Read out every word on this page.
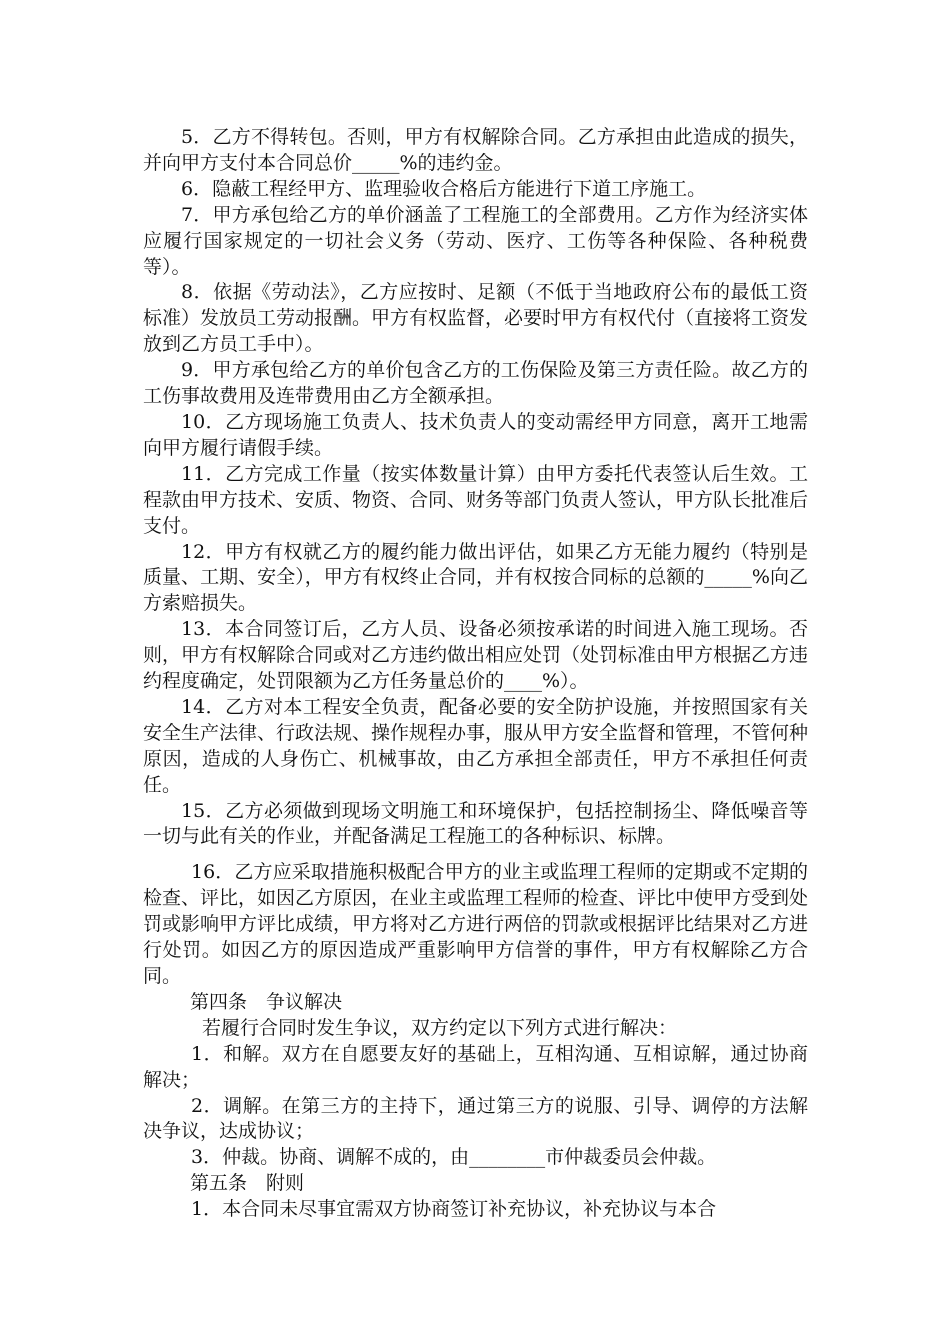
5．乙方不得转包。否则，甲方有权解除合同。乙方承担由此造成的损失，并向甲方支付本合同总价_____%的违约金。

6．隐蔽工程经甲方、监理验收合格后方能进行下道工序施工。

7．甲方承包给乙方的单价涵盖了工程施工的全部费用。乙方作为经济实体应履行国家规定的一切社会义务（劳动、医疗、工伤等各种保险、各种税费等）。

8．依据《劳动法》，乙方应按时、足额（不低于当地政府公布的最低工资标准）发放员工劳动报酬。甲方有权监督，必要时甲方有权代付（直接将工资发放到乙方员工手中）。

9．甲方承包给乙方的单价包含乙方的工伤保险及第三方责任险。故乙方的工伤事故费用及连带费用由乙方全额承担。

10．乙方现场施工负责人、技术负责人的变动需经甲方同意，离开工地需向甲方履行请假手续。

11．乙方完成工作量（按实体数量计算）由甲方委托代表签认后生效。工程款由甲方技术、安质、物资、合同、财务等部门负责人签认，甲方队长批准后支付。

12．甲方有权就乙方的履约能力做出评估，如果乙方无能力履约（特别是质量、工期、安全），甲方有权终止合同，并有权按合同标的总额的_____%向乙方索赔损失。

13．本合同签订后，乙方人员、设备必须按承诺的时间进入施工现场。否则，甲方有权解除合同或对乙方违约做出相应处罚（处罚标准由甲方根据乙方违约程度确定，处罚限额为乙方任务量总价的____%）。

14．乙方对本工程安全负责，配备必要的安全防护设施，并按照国家有关安全生产法律、行政法规、操作规程办事，服从甲方安全监督和管理，不管何种原因，造成的人身伤亡、机械事故，由乙方承担全部责任，甲方不承担任何责任。

15．乙方必须做到现场文明施工和环境保护，包括控制扬尘、降低噪音等一切与此有关的作业，并配备满足工程施工的各种标识、标牌。

16．乙方应采取措施积极配合甲方的业主或监理工程师的定期或不定期的检查、评比，如因乙方原因，在业主或监理工程师的检查、评比中使甲方受到处罚或影响甲方评比成绩，甲方将对乙方进行两倍的罚款或根据评比结果对乙方进行处罚。如因乙方的原因造成严重影响甲方信誉的事件，甲方有权解除乙方合同。

第四条　争议解决

若履行合同时发生争议，双方约定以下列方式进行解决：

1．和解。双方在自愿要友好的基础上，互相沟通、互相谅解，通过协商解决；

2．调解。在第三方的主持下，通过第三方的说服、引导、调停的方法解决争议，达成协议；

3．仲裁。协商、调解不成的，由________市仲裁委员会仲裁。

第五条　附则

1．本合同未尽事宜需双方协商签订补充协议，补充协议与本合
